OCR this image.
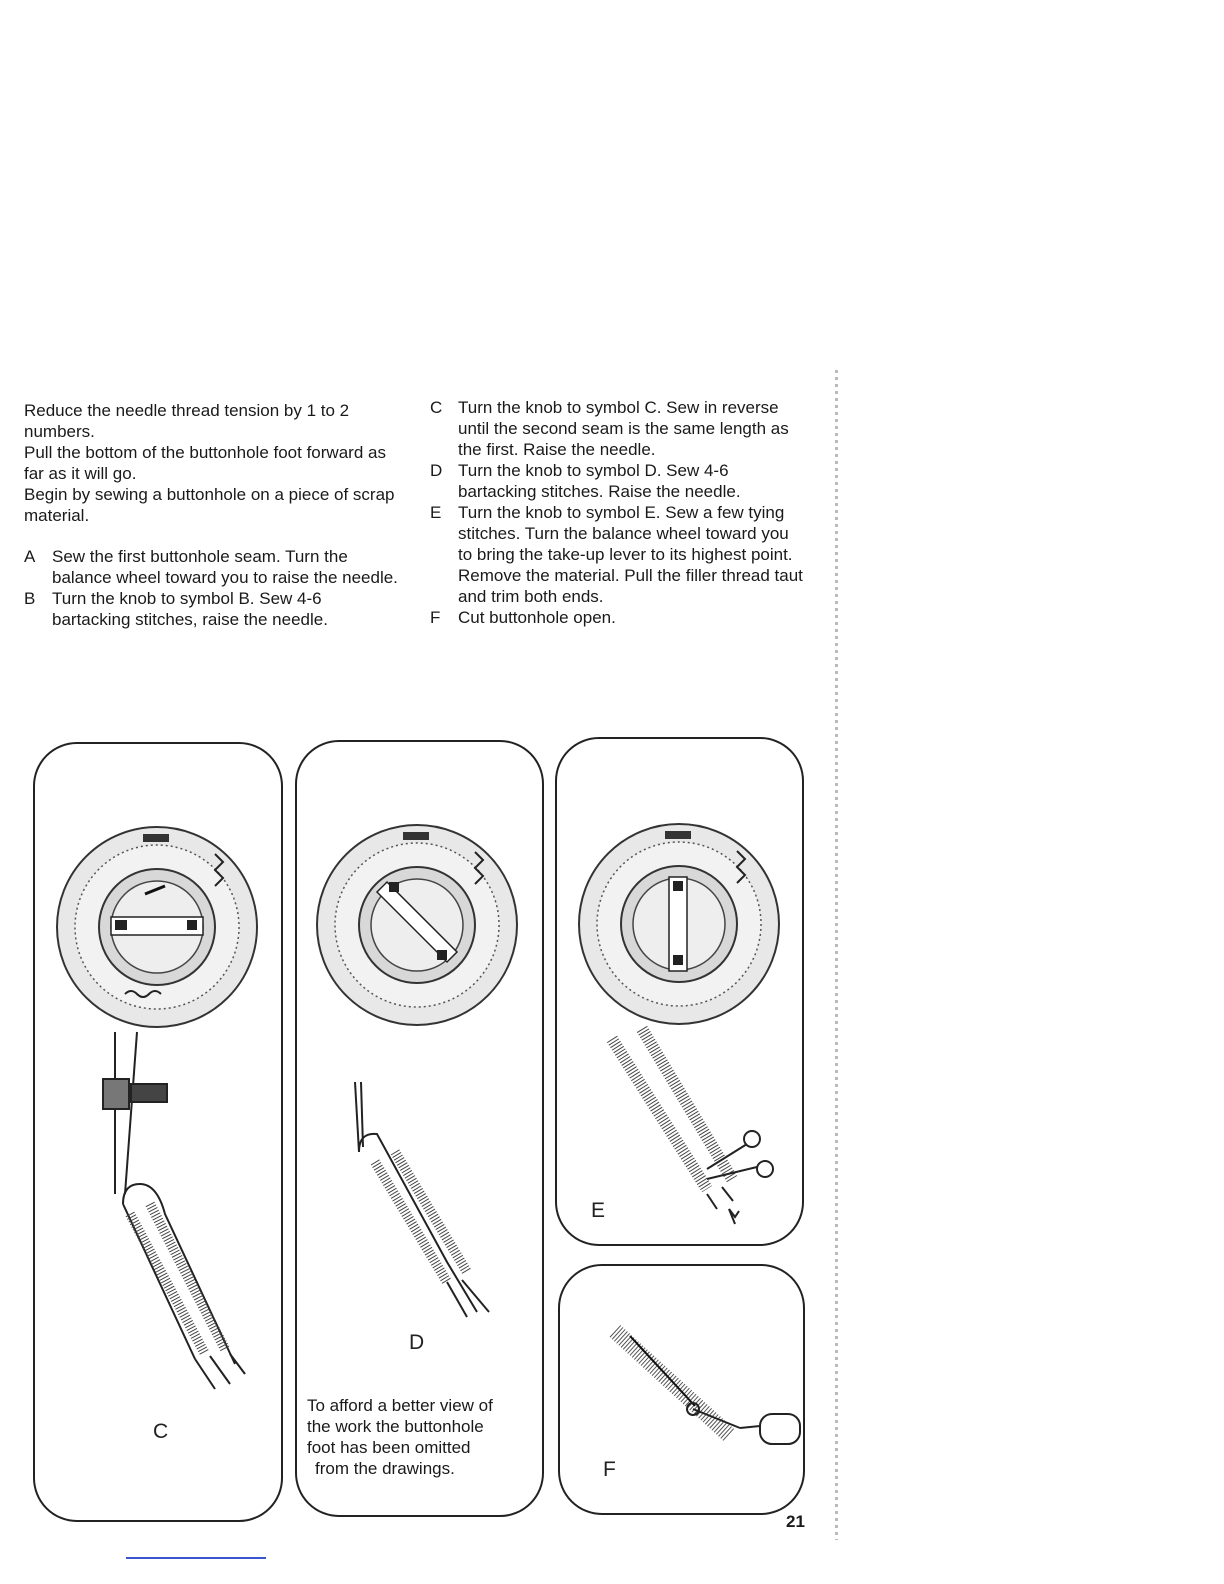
Reduce the needle thread tension by 1 to 2 numbers.

Pull the bottom of the buttonhole foot forward as far as it will go.

Begin by sewing a buttonhole on a piece of scrap material.

A Sew the first buttonhole seam. Turn the balance wheel toward you to raise the needle.
B Turn the knob to symbol B. Sew 4-6 bartacking stitches, raise the needle.
C Turn the knob to symbol C. Sew in reverse until the second seam is the same length as the first. Raise the needle.
D Turn the knob to symbol D. Sew 4-6 bartacking stitches. Raise the needle.
E Turn the knob to symbol E. Sew a few tying stitches. Turn the balance wheel toward you to bring the take-up lever to its highest point. Remove the material. Pull the filler thread taut and trim both ends.
F	Cut buttonhole open.
C
D
To afford a better view of
the work the buttonhole
foot has been omitted
from the drawings.
E
F
21
